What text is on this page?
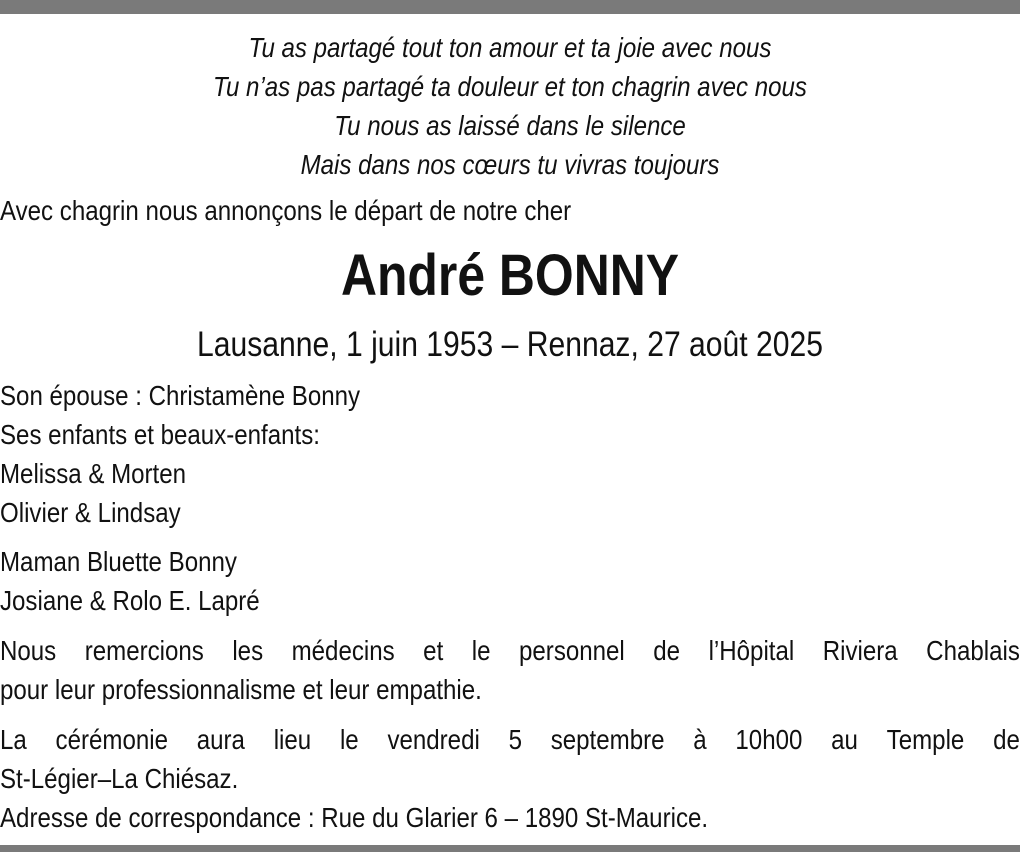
Tu as partagé tout ton amour et ta joie avec nous
Tu n’as pas partagé ta douleur et ton chagrin avec nous
Tu nous as laissé dans le silence
Mais dans nos cœurs tu vivras toujours
Avec chagrin nous annonçons le départ de notre cher
André BONNY
Lausanne, 1 juin 1953 – Rennaz, 27 août 2025
Son épouse : Christamène Bonny
Ses enfants et beaux-enfants:
Melissa & Morten
Olivier & Lindsay
Maman Bluette Bonny
Josiane & Rolo E. Lapré
Nous remercions les médecins et le personnel de l’Hôpital Riviera Chablais
pour leur professionnalisme et leur empathie.
La cérémonie aura lieu le vendredi 5 septembre à 10h00 au Temple de
St-Légier–La Chiésaz.
Adresse de correspondance : Rue du Glarier 6 – 1890 St-Maurice.
